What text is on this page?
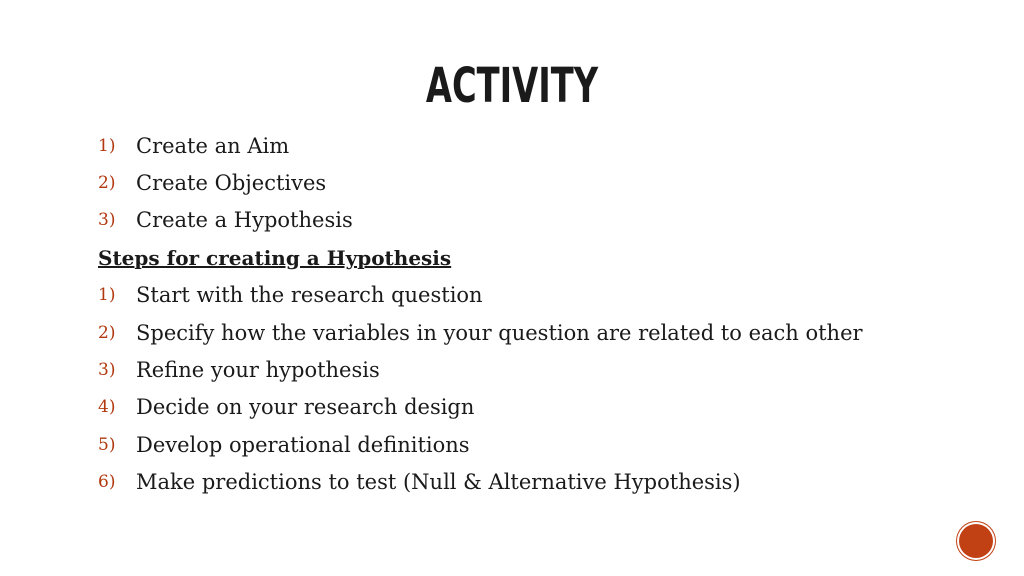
ACTIVITY
1) Create an Aim
2) Create Objectives
3) Create a Hypothesis
Steps for creating a Hypothesis
1) Start with the research question
2) Specify how the variables in your question are related to each other
3) Refine your hypothesis
4) Decide on your research design
5) Develop operational definitions
6) Make predictions to test (Null & Alternative Hypothesis)
